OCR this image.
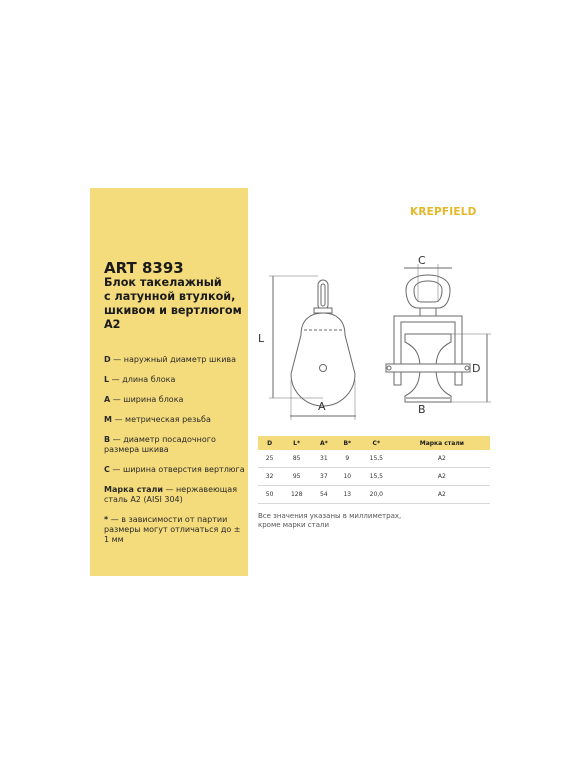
ART 8393
Блок такелажный
с латунной втулкой,
шкивом и вертлюгом
A2
D — наружный диаметр шкива
L — длина блока
A — ширина блока
M — метрическая резьба
B — диаметр посадочного размера шкива
C — ширина отверстия вертлюга
Марка стали — нержавеющая сталь A2 (AISI 304)
* — в зависимости от партии размеры могут отличаться до ± 1 мм
KREPFIELD
L
A
C
D
B
D	L*	A*	B*	C*	Марка стали
25	85	31	9	15,5	A2
32	95	37	10	15,5	A2
50	128	54	13	20,0	A2
Все значения указаны в миллиметрах,
кроме марки стали
